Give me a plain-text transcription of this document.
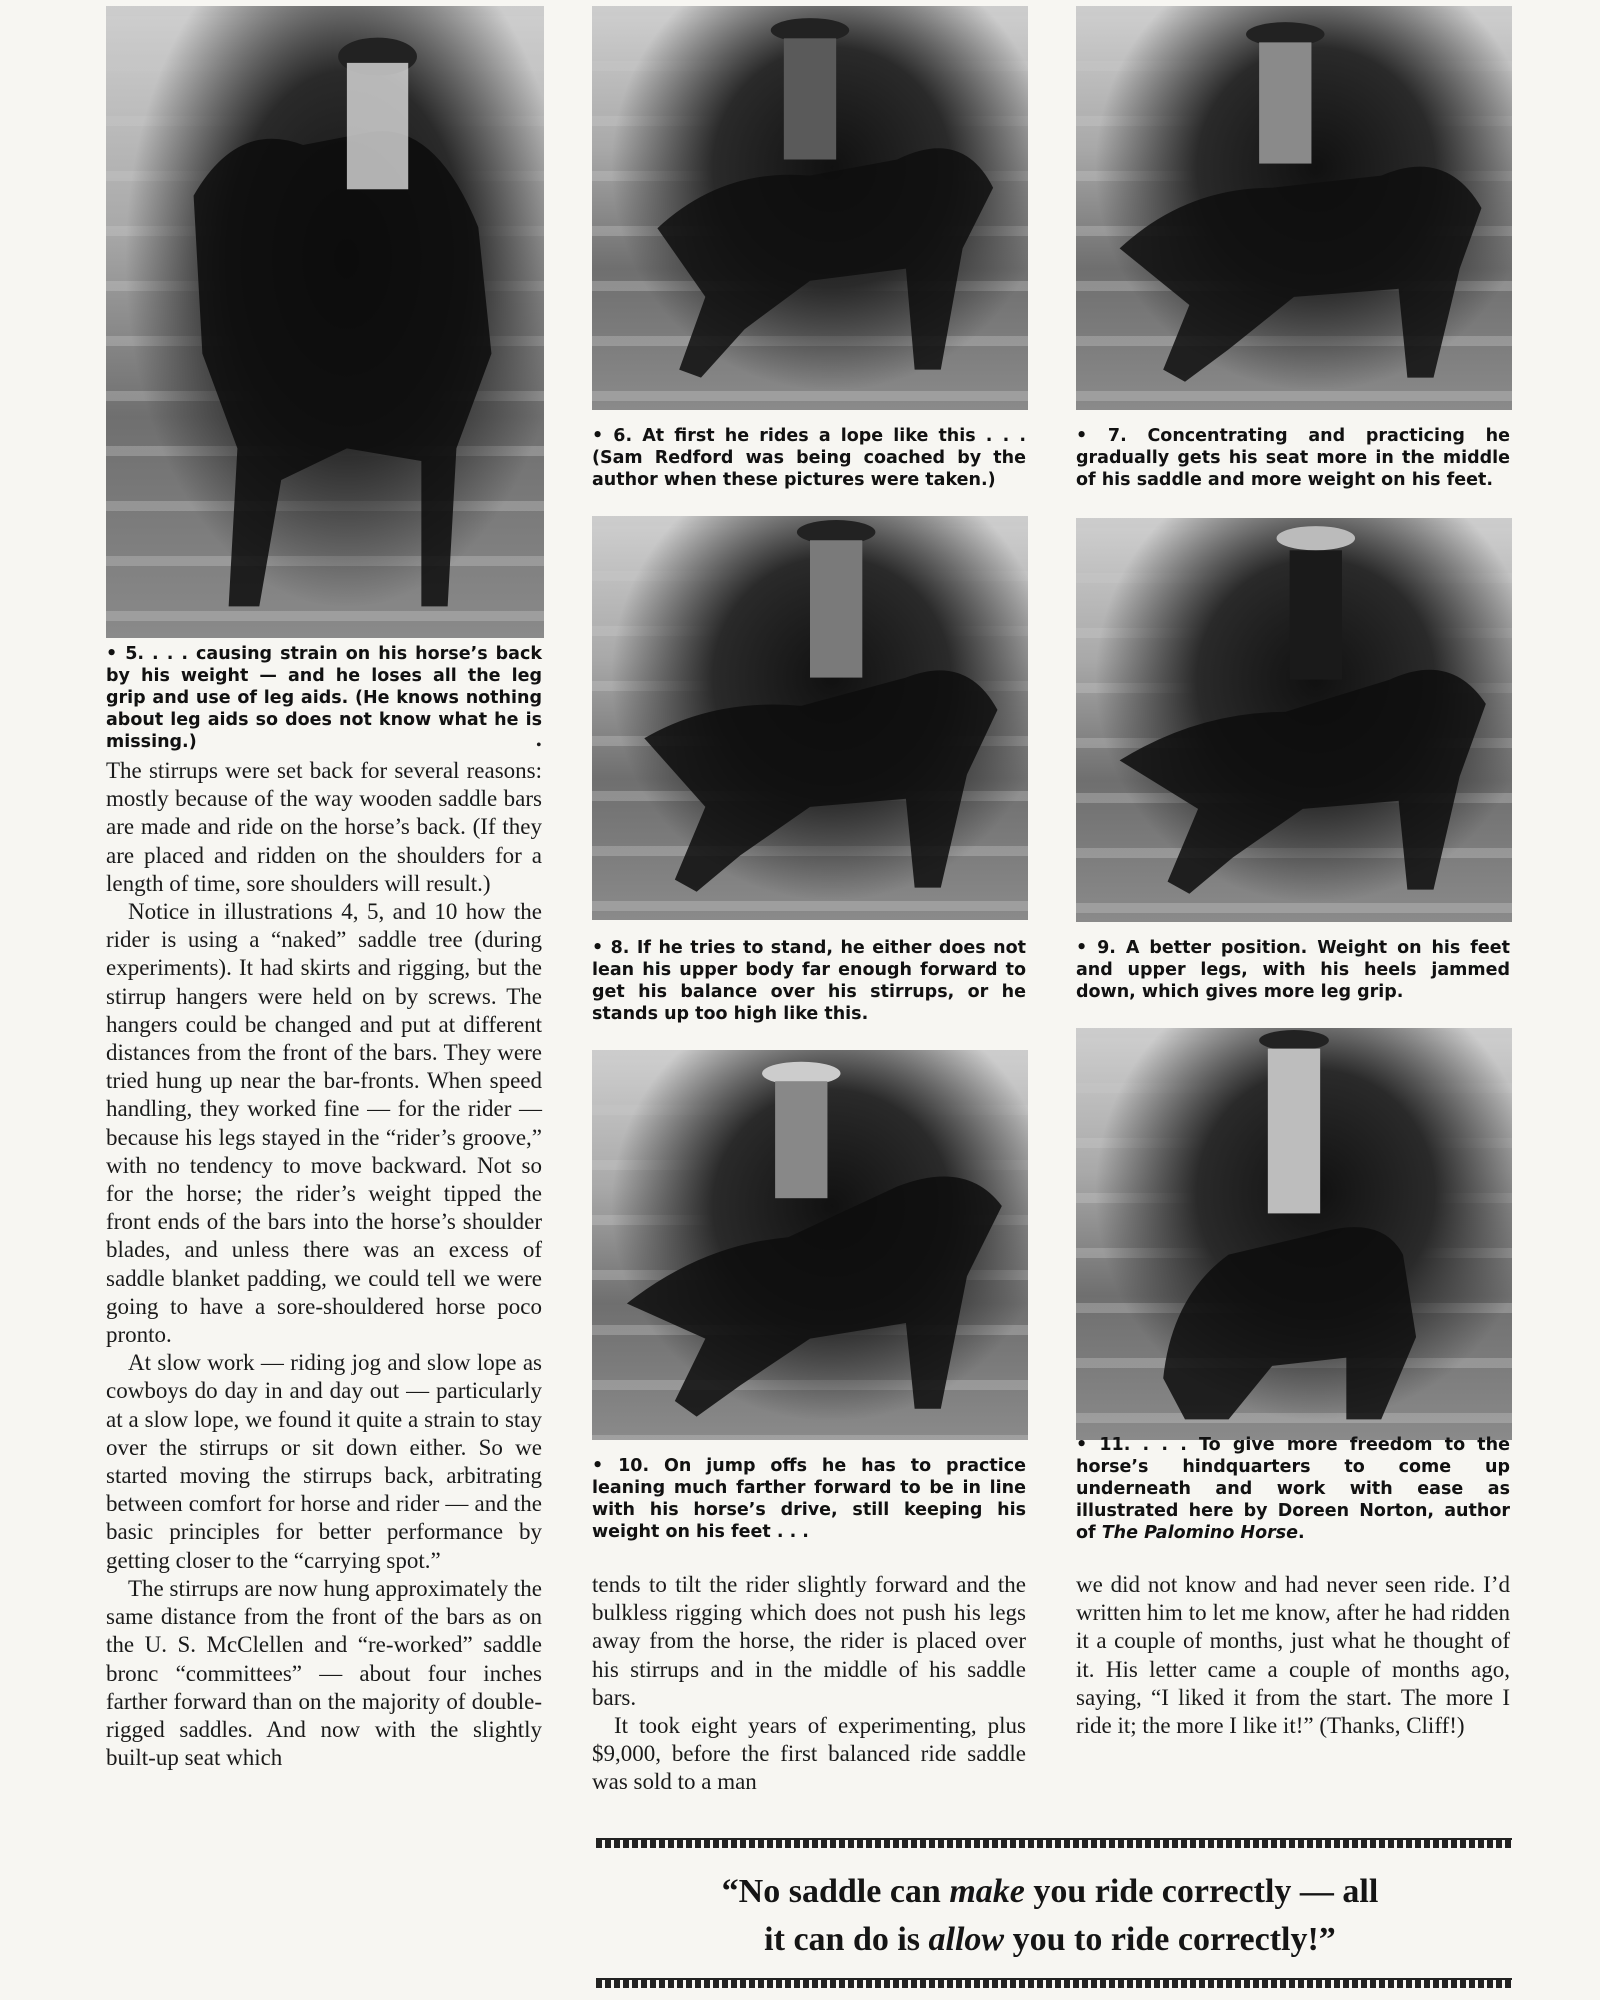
• 5. . . . causing strain on his horse’s back by his weight — and he loses all the leg grip and use of leg aids. (He knows nothing about leg aids so does not know what he is missing.)
• 6. At first he rides a lope like this . . . (Sam Redford was being coached by the author when these pictures were taken.)
• 7. Concentrating and practicing he gradually gets his seat more in the middle of his saddle and more weight on his feet.
• 8. If he tries to stand, he either does not lean his upper body far enough forward to get his balance over his stirrups, or he stands up too high like this.
• 9. A better position. Weight on his feet and upper legs, with his heels jammed down, which gives more leg grip.
• 10. On jump offs he has to practice leaning much farther forward to be in line with his horse’s drive, still keeping his weight on his feet . . .
• 11. . . . To give more freedom to the horse’s hindquarters to come up underneath and work with ease as illustrated here by Doreen Norton, author of The Palomino Horse.
•

The stirrups were set back for several reasons: mostly because of the way wooden saddle bars are made and ride on the horse’s back. (If they are placed and ridden on the shoulders for a length of time, sore shoulders will result.)

Notice in illustrations 4, 5, and 10 how the rider is using a “naked” saddle tree (during experiments). It had skirts and rigging, but the stirrup hangers were held on by screws. The hangers could be changed and put at different distances from the front of the bars. They were tried hung up near the bar-fronts. When speed handling, they worked fine — for the rider — because his legs stayed in the “rider’s groove,” with no tendency to move backward. Not so for the horse; the rider’s weight tipped the front ends of the bars into the horse’s shoulder blades, and unless there was an excess of saddle blanket padding, we could tell we were going to have a sore-shouldered horse poco pronto.

At slow work — riding jog and slow lope as cowboys do day in and day out — particularly at a slow lope, we found it quite a strain to stay over the stirrups or sit down either. So we started moving the stirrups back, arbitrating between comfort for horse and rider — and the basic principles for better performance by getting closer to the “carrying spot.”

The stirrups are now hung approximately the same distance from the front of the bars as on the U. S. McClellen and “re-worked” saddle bronc “committees” — about four inches farther forward than on the majority of double-rigged saddles. And now with the slightly built-up seat which

tends to tilt the rider slightly forward and the bulkless rigging which does not push his legs away from the horse, the rider is placed over his stirrups and in the middle of his saddle bars.

It took eight years of experimenting, plus $9,000, before the first balanced ride saddle was sold to a man

we did not know and had never seen ride. I’d written him to let me know, after he had ridden it a couple of months, just what he thought of it. His letter came a couple of months ago, saying, “I liked it from the start. The more I ride it; the more I like it!” (Thanks, Cliff!)

“No saddle can make you ride correctly — all
it can do is allow you to ride correctly!”
